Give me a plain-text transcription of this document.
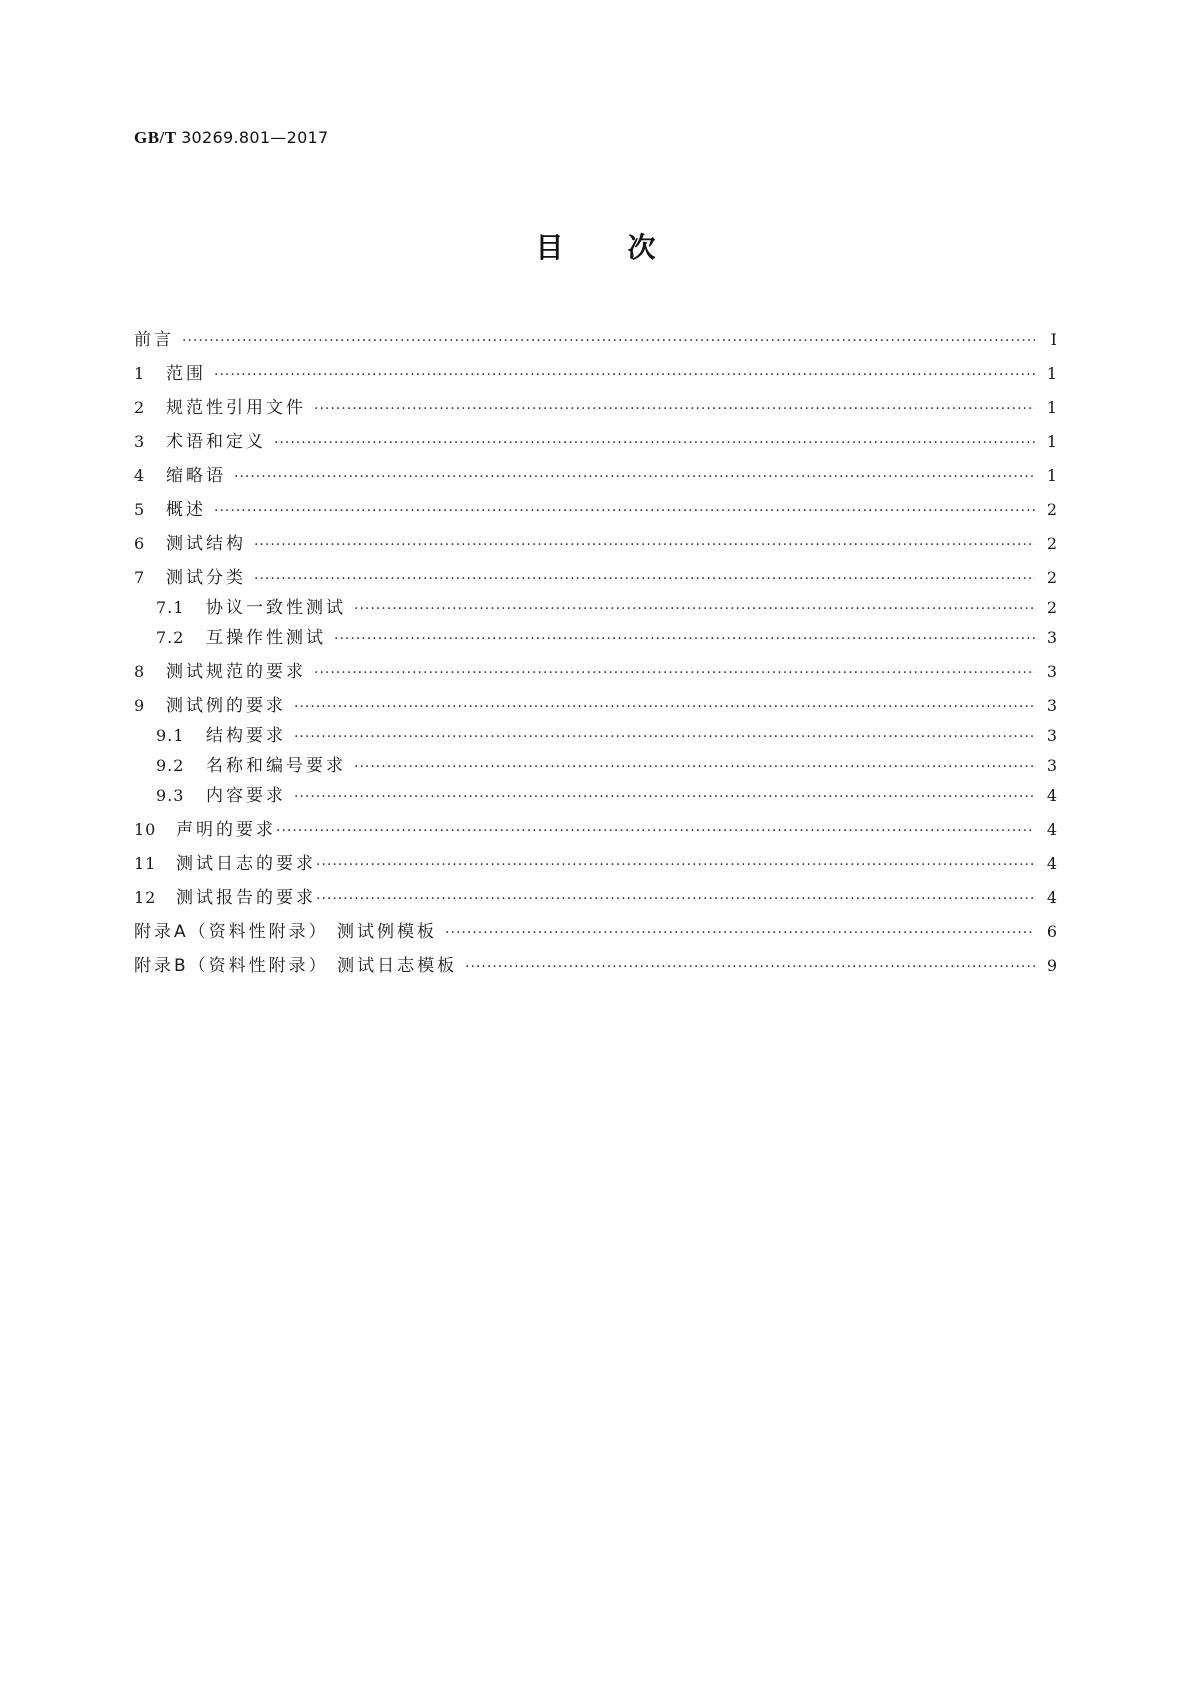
GB/T 30269.801—2017
目 次
前言 ·····	Ⅰ
1	范围 ·····	1
2	规范性引用文件 ·····	1
3	术语和定义 ·····	1
4	缩略语 ·····	1
5	概述 ·····	2
6	测试结构 ·····	2
7	测试分类 ·····	2
7.1	协议一致性测试 ·····	2
7.2	互操作性测试 ·····	3
8	测试规范的要求 ·····	3
9	测试例的要求 ·····	3
9.1	结构要求 ·····	3
9.2	名称和编号要求 ·····	3
9.3	内容要求 ·····	4
10	声明的要求 ·····	4
11	测试日志的要求 ·····	4
12	测试报告的要求 ·····	4
附录A（资料性附录） 测试例模板 ·····	6
附录B（资料性附录） 测试日志模板 ·····	9
